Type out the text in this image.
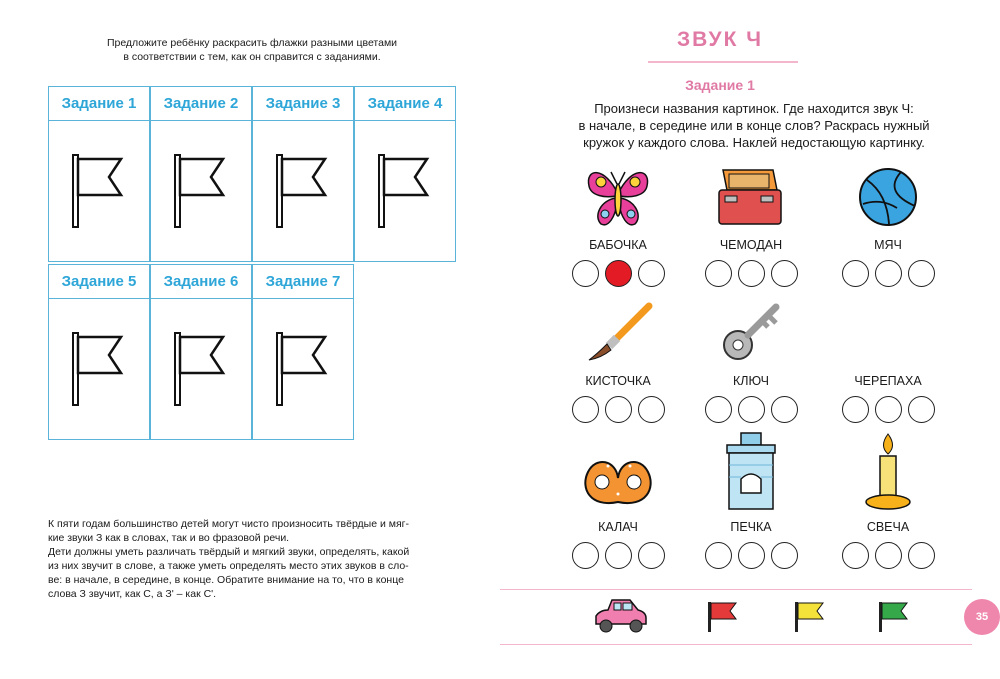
Предложите ребёнку раскрасить флажки разными цветами
в соответствии с тем, как он справится с заданиями.
Задание 1	Задание 2	Задание 3	Задание 4
Задание 5	Задание 6	Задание 7

К пяти годам большинство детей могут чисто произносить твёрдые и мяг-

кие звуки З как в словах, так и во фразовой речи.

Дети должны уметь различать твёрдый и мягкий звуки, определять, какой

из них звучит в слове, а также уметь определять место этих звуков в сло-

ве: в начале, в середине, в конце. Обратите внимание на то, что в конце

слова З звучит, как С, а З' – как С'.

ЗВУК Ч
Задание 1
Произнеси названия картинок. Где находится звук Ч:
в начале, в середине или в конце слов? Раскрась нужный
кружок у каждого слова. Наклей недостающую картинку.
БАБОЧКА	ЧЕМОДАН	МЯЧ
КИСТОЧКА	КЛЮЧ	ЧЕРЕПАХА
КАЛАЧ	ПЕЧКА	СВЕЧА
35
